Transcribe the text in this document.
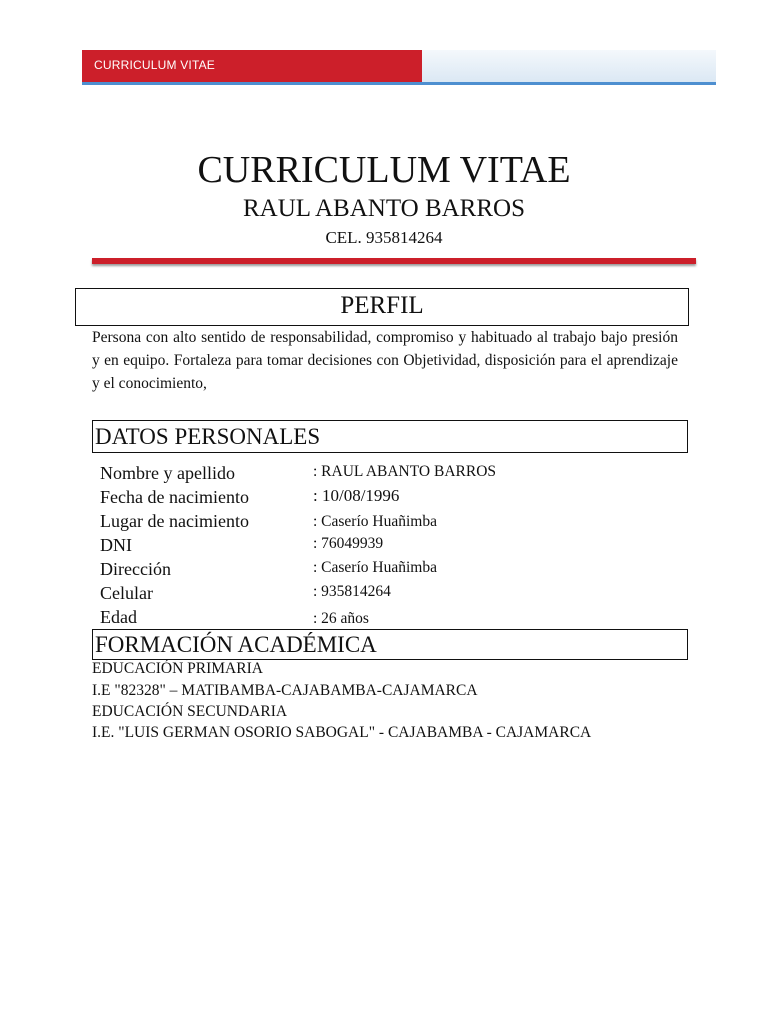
CURRICULUM VITAE
CURRICULUM VITAE
RAUL ABANTO BARROS
CEL. 935814264
PERFIL
Persona con alto sentido de responsabilidad, compromiso y habituado al trabajo bajo presión y en equipo. Fortaleza para tomar decisiones con Objetividad, disposición para el aprendizaje y el conocimiento,
DATOS PERSONALES
Nombre y apellido	: RAUL ABANTO BARROS
Fecha de nacimiento	: 10/08/1996
Lugar de nacimiento	: Caserío Huañimba
DNI	: 76049939
Dirección	: Caserío Huañimba
Celular	: 935814264
Edad	: 26 años
FORMACIÓN ACADÉMICA
EDUCACIÓN PRIMARIA
I.E "82328" – MATIBAMBA-CAJABAMBA-CAJAMARCA
EDUCACIÓN SECUNDARIA
I.E. "LUIS GERMAN OSORIO SABOGAL" - CAJABAMBA - CAJAMARCA
